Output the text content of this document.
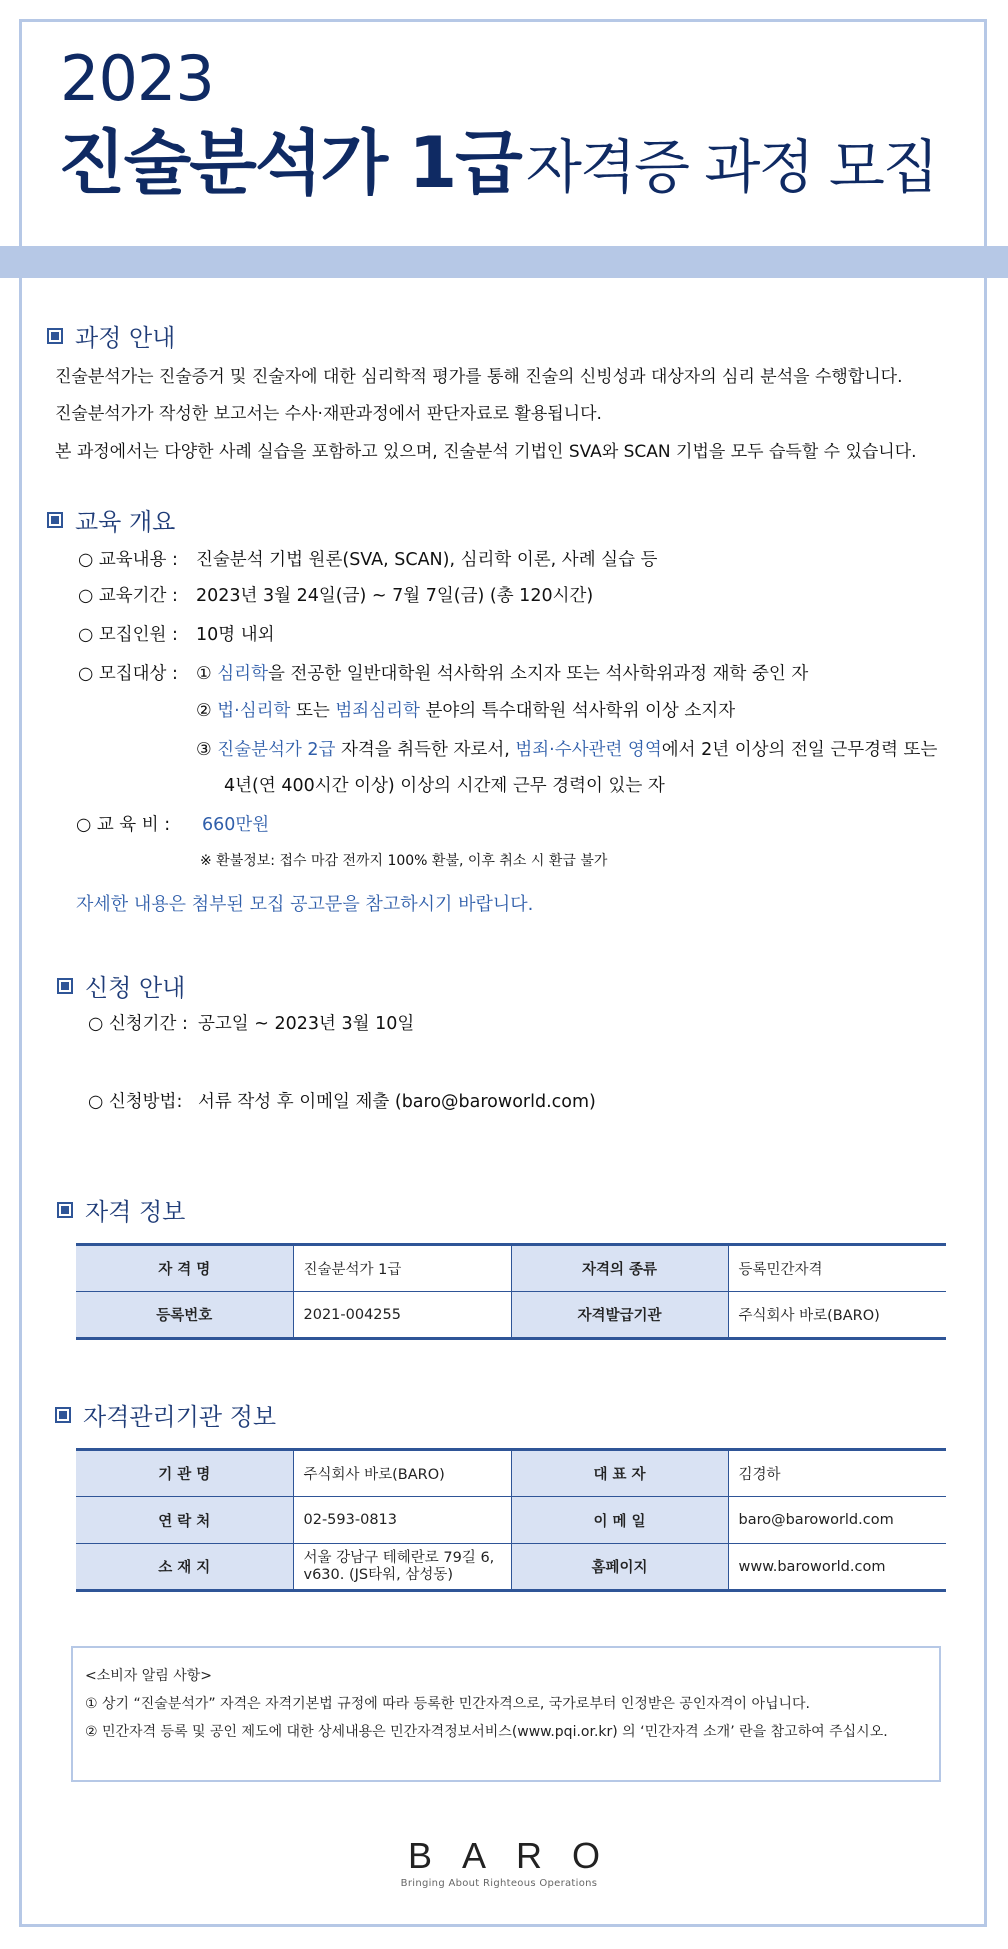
2023
진술분석가 1급 자격증 과정 모집
과정 안내
진술분석가는 진술증거 및 진술자에 대한 심리학적 평가를 통해 진술의 신빙성과 대상자의 심리 분석을 수행합니다.
진술분석가가 작성한 보고서는 수사·재판과정에서 판단자료로 활용됩니다.
본 과정에서는 다양한 사례 실습을 포함하고 있으며, 진술분석 기법인 SVA와 SCAN 기법을 모두 습득할 수 있습니다.
교육 개요
○ 교육내용 : 진술분석 기법 원론(SVA, SCAN), 심리학 이론, 사례 실습 등
○ 교육기간 : 2023년 3월 24일(금) ~ 7월 7일(금) (총 120시간)
○ 모집인원 : 10명 내외
○ 모집대상 : ① 심리학을 전공한 일반대학원 석사학위 소지자 또는 석사학위과정 재학 중인 자
② 법·심리학 또는 범죄심리학 분야의 특수대학원 석사학위 이상 소지자
③ 진술분석가 2급 자격을 취득한 자로서, 범죄·수사관련 영역에서 2년 이상의 전일 근무경력 또는
4년(연 400시간 이상) 이상의 시간제 근무 경력이 있는 자
○ 교 육 비 : 660만원
※ 환불정보: 접수 마감 전까지 100% 환불, 이후 취소 시 환급 불가
자세한 내용은 첨부된 모집 공고문을 참고하시기 바랍니다.
신청 안내
○ 신청기간 : 공고일 ~ 2023년 3월 10일
○ 신청방법: 서류 작성 후 이메일 제출 (baro@baroworld.com)
자격 정보
자 격 명	진술분석가 1급	자격의 종류	등록민간자격
등록번호	2021-004255	자격발급기관	주식회사 바로(BARO)
자격관리기관 정보
기 관 명	주식회사 바로(BARO)	대 표 자	김경하
연 락 처	02-593-0813	이 메 일	baro@baroworld.com
소 재 지	서울 강남구 테헤란로 79길 6, v630. (JS타워, 삼성동)	홈페이지	www.baroworld.com
<소비자 알림 사항>
① 상기 “진술분석가” 자격은 자격기본법 규정에 따라 등록한 민간자격으로, 국가로부터 인정받은 공인자격이 아닙니다.
② 민간자격 등록 및 공인 제도에 대한 상세내용은 민간자격정보서비스(www.pqi.or.kr) 의 ‘민간자격 소개’ 란을 참고하여 주십시오.
BARO
Bringing About Righteous Operations
